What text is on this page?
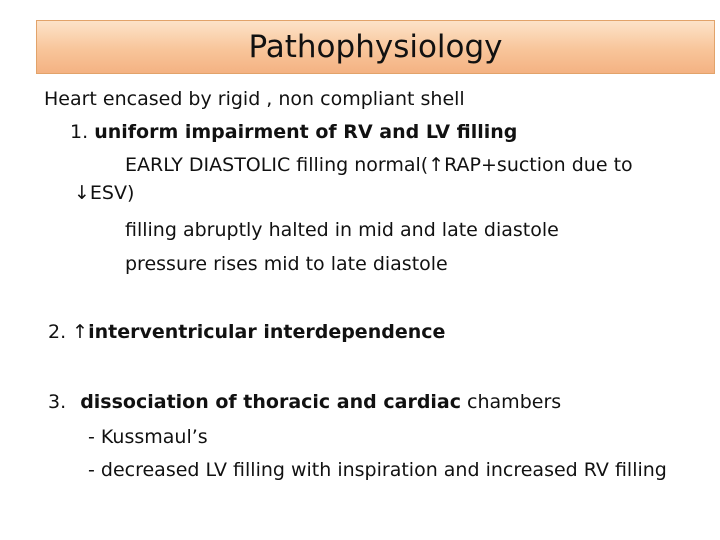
Pathophysiology
Heart encased by rigid , non compliant shell
1. uniform impairment of RV and LV filling
EARLY DIASTOLIC filling normal(↑RAP+suction due to
↓ESV)
filling abruptly halted in mid and late diastole
pressure rises mid to late diastole
2. ↑interventricular interdependence
3. dissociation of thoracic and cardiac chambers
- Kussmaul’s
- decreased LV filling with inspiration and increased RV filling
